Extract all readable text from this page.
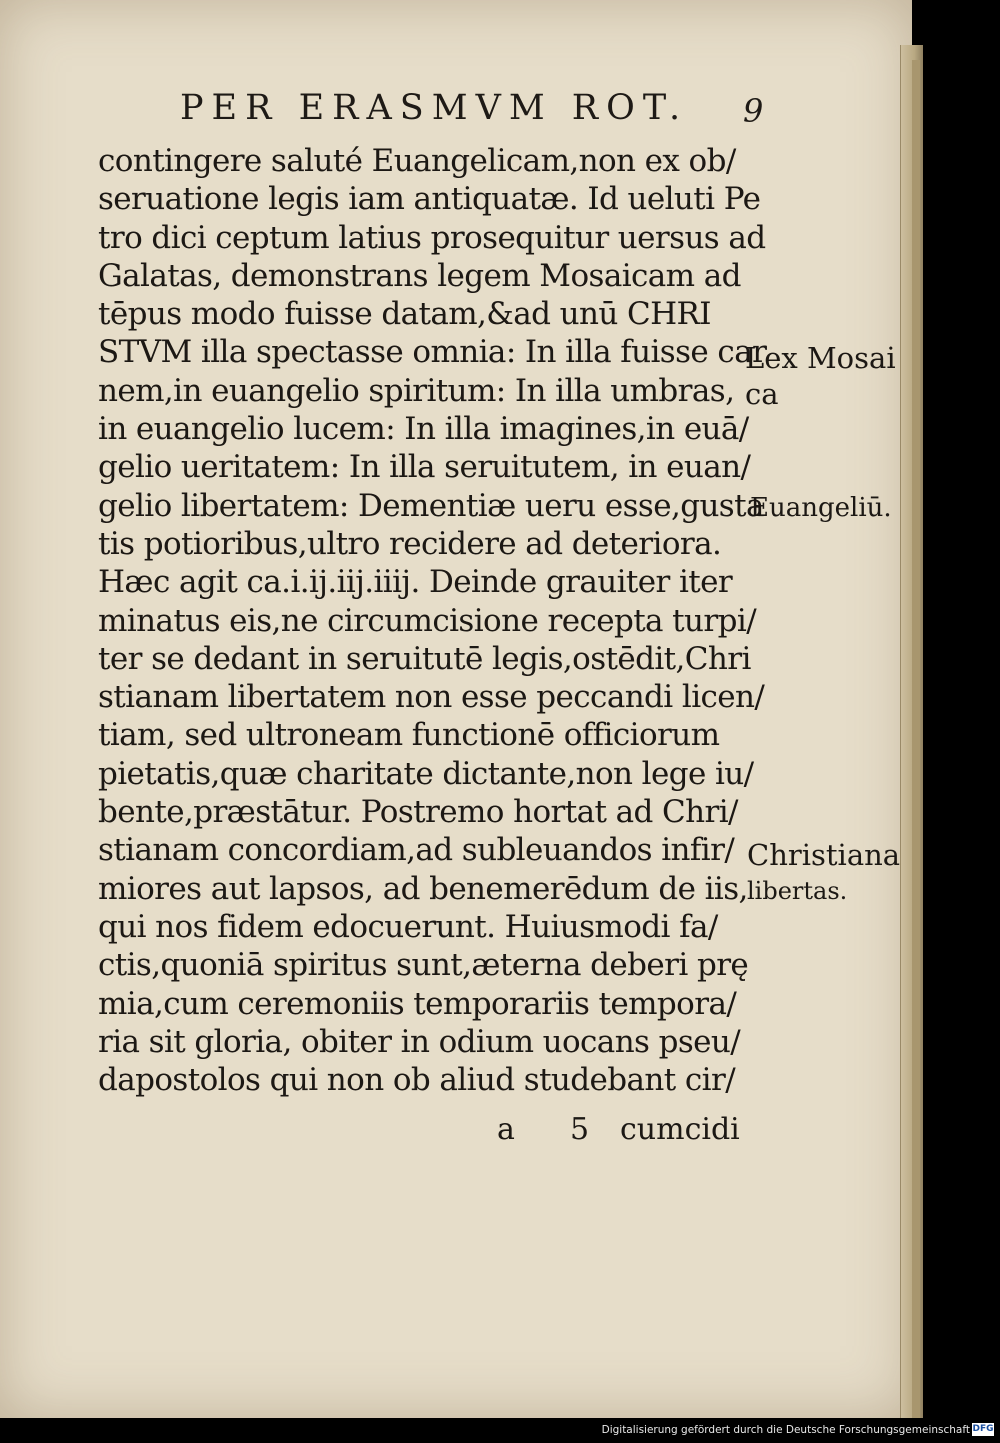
PER ERASMVM ROT. 9
contingere saluté Euangelicam,non ex ob/
seruatione legis iam antiquatæ. Id ueluti Pe
tro dici ceptum latius prosequitur uersus ad
Galatas, demonstrans legem Mosaicam ad
tēpus modo fuisse datam,&ad unū CHRI
STVM illa spectasse omnia: In illa fuisse car
nem,in euangelio spiritum: In illa umbras,
in euangelio lucem: In illa imagines,in euā/
gelio ueritatem: In illa seruitutem, in euan/
gelio libertatem: Dementiæ ueru esse,gusta
tis potioribus,ultro recidere ad deteriora.
Hæc agit ca.i.ij.iij.iiij. Deinde grauiter iter
minatus eis,ne circumcisione recepta turpi/
ter se dedant in seruitutē legis,ostēdit,Chri
stianam libertatem non esse peccandi licen/
tiam, sed ultroneam functionē officiorum
pietatis,quæ charitate dictante,non lege iu/
bente,præstātur. Postremo hortat ad Chri/
stianam concordiam,ad subleuandos infir/
miores aut lapsos, ad benemerēdum de iis,
qui nos fidem edocuerunt. Huiusmodi fa/
ctis,quoniā spiritus sunt,æterna deberi prę
mia,cum ceremoniis temporariis tempora/
ria sit gloria, obiter in odium uocans pseu/
dapostolos qui non ob aliud studebant cir/
a 5 cumcidi
Lex Mosai
ca
Euangeliū.
Christiana
libertas.
Digitalisierung gefördert durch die Deutsche Forschungsgemeinschaft DFG
